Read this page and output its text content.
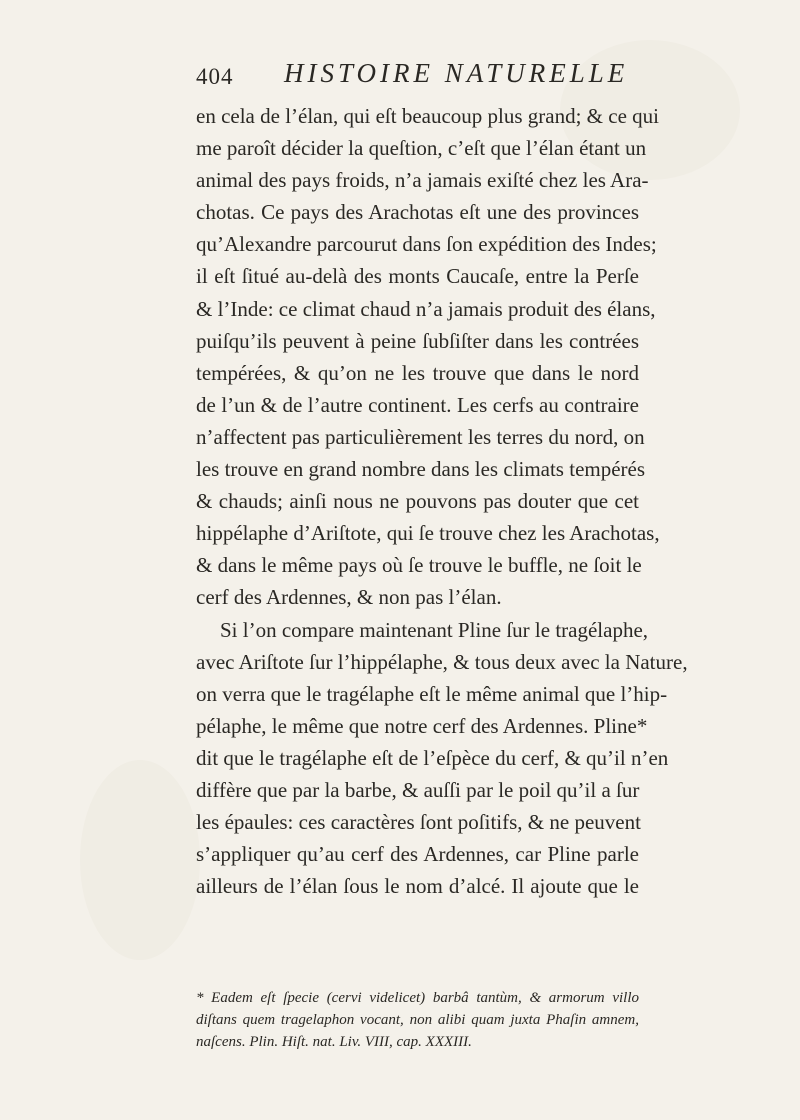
404 HISTOIRE NATURELLE
en cela de l’élan, qui eſt beaucoup plus grand; & ce qui
me paroît décider la queſtion, c’eſt que l’élan étant un
animal des pays froids, n’a jamais exiſté chez les Ara-
chotas. Ce pays des Arachotas eſt une des provinces
qu’Alexandre parcourut dans ſon expédition des Indes;
il eſt ſitué au-delà des monts Caucaſe, entre la Perſe
& l’Inde: ce climat chaud n’a jamais produit des élans,
puiſqu’ils peuvent à peine ſubſiſter dans les contrées
tempérées, & qu’on ne les trouve que dans le nord
de l’un & de l’autre continent. Les cerfs au contraire
n’affectent pas particulièrement les terres du nord, on
les trouve en grand nombre dans les climats tempérés
& chauds; ainſi nous ne pouvons pas douter que cet
hippélaphe d’Ariſtote, qui ſe trouve chez les Arachotas,
& dans le même pays où ſe trouve le buffle, ne ſoit le
cerf des Ardennes, & non pas l’élan.
Si l’on compare maintenant Pline ſur le tragélaphe,
avec Ariſtote ſur l’hippélaphe, & tous deux avec la Nature,
on verra que le tragélaphe eſt le même animal que l’hip-
pélaphe, le même que notre cerf des Ardennes. Pline*
dit que le tragélaphe eſt de l’eſpèce du cerf, & qu’il n’en
diffère que par la barbe, & auſſi par le poil qu’il a ſur
les épaules: ces caractères ſont poſitifs, & ne peuvent
s’appliquer qu’au cerf des Ardennes, car Pline parle
ailleurs de l’élan ſous le nom d’alcé. Il ajoute que le
* Eadem eſt ſpecie (cervi videlicet) barbâ tantùm, & armorum villo
diſtans quem tragelaphon vocant, non alibi quam juxta Phaſin amnem,
naſcens. Plin. Hiſt. nat. Liv. VIII, cap. XXXIII.
